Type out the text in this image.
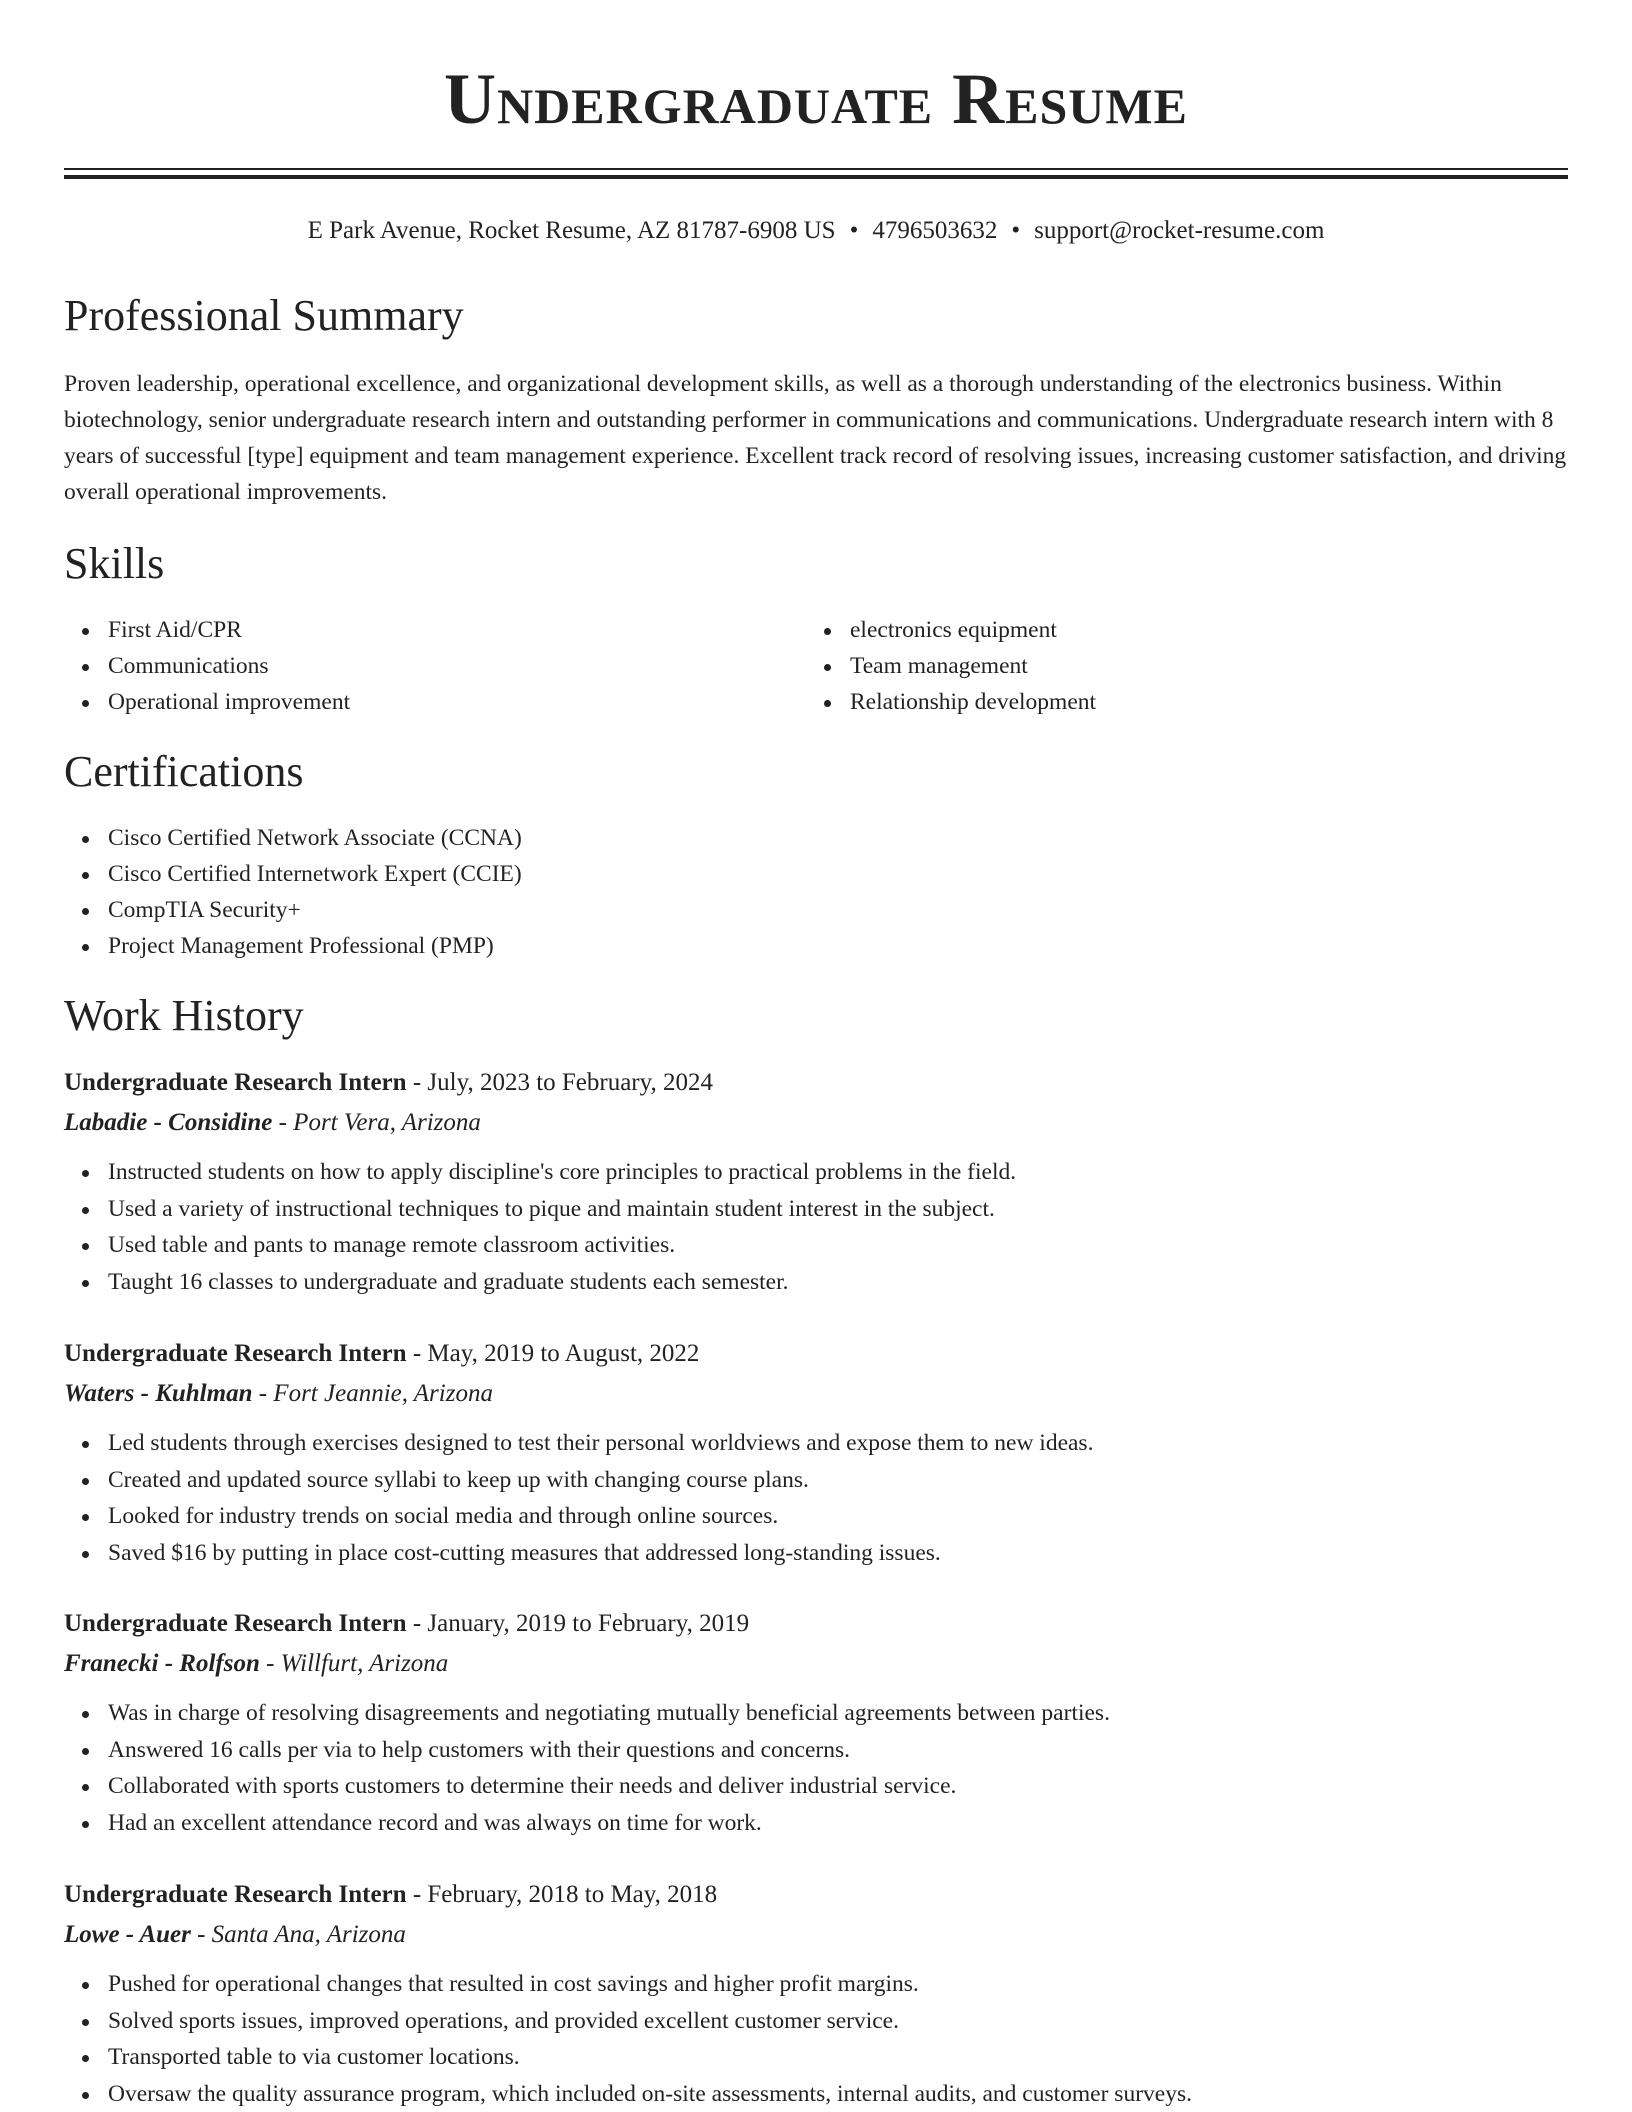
Undergraduate Resume
E Park Avenue, Rocket Resume, AZ 81787-6908 US • 4796503632 • support@rocket-resume.com
Professional Summary

Proven leadership, operational excellence, and organizational development skills, as well as a thorough understanding of the electronics business. Within biotechnology, senior undergraduate research intern and outstanding performer in communications and communications. Undergraduate research intern with 8 years of successful [type] equipment and team management experience. Excellent track record of resolving issues, increasing customer satisfaction, and driving overall operational improvements.

Skills
First Aid/CPR
Communications
Operational improvement
electronics equipment
Team management
Relationship development
Certifications
Cisco Certified Network Associate (CCNA)
Cisco Certified Internetwork Expert (CCIE)
CompTIA Security+
Project Management Professional (PMP)
Work History

Undergraduate Research Intern - July, 2023 to February, 2024

Labadie - Considine - Port Vera, Arizona

Instructed students on how to apply discipline's core principles to practical problems in the field.
Used a variety of instructional techniques to pique and maintain student interest in the subject.
Used table and pants to manage remote classroom activities.
Taught 16 classes to undergraduate and graduate students each semester.

Undergraduate Research Intern - May, 2019 to August, 2022

Waters - Kuhlman - Fort Jeannie, Arizona

Led students through exercises designed to test their personal worldviews and expose them to new ideas.
Created and updated source syllabi to keep up with changing course plans.
Looked for industry trends on social media and through online sources.
Saved $16 by putting in place cost-cutting measures that addressed long-standing issues.

Undergraduate Research Intern - January, 2019 to February, 2019

Franecki - Rolfson - Willfurt, Arizona

Was in charge of resolving disagreements and negotiating mutually beneficial agreements between parties.
Answered 16 calls per via to help customers with their questions and concerns.
Collaborated with sports customers to determine their needs and deliver industrial service.
Had an excellent attendance record and was always on time for work.

Undergraduate Research Intern - February, 2018 to May, 2018

Lowe - Auer - Santa Ana, Arizona

Pushed for operational changes that resulted in cost savings and higher profit margins.
Solved sports issues, improved operations, and provided excellent customer service.
Transported table to via customer locations.
Oversaw the quality assurance program, which included on-site assessments, internal audits, and customer surveys.
